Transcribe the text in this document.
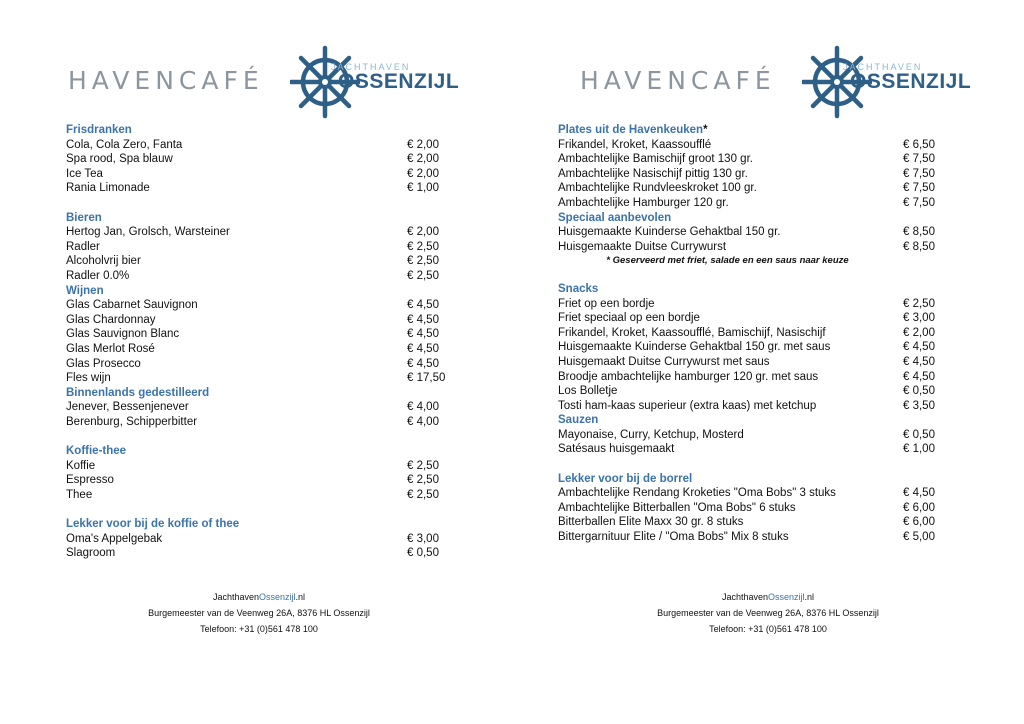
HAVENCAFÉ	JACHTHAVEN
OSSENZIJL
Frisdranken
Cola, Cola Zero, Fanta	€ 2,00
Spa rood, Spa blauw	€ 2,00
Ice Tea	€ 2,00
Rania Limonade	€ 1,00
Bieren
Hertog Jan, Grolsch, Warsteiner	€ 2,00
Radler	€ 2,50
Alcoholvrij bier	€ 2,50
Radler 0.0%	€ 2,50
Wijnen
Glas Cabarnet Sauvignon	€ 4,50
Glas Chardonnay	€ 4,50
Glas Sauvignon Blanc	€ 4,50
Glas Merlot Rosé	€ 4,50
Glas Prosecco	€ 4,50
Fles wijn	€ 17,50
Binnenlands gedestilleerd
Jenever, Bessenjenever	€ 4,00
Berenburg, Schipperbitter	€ 4,00
Koffie-thee
Koffie	€ 2,50
Espresso	€ 2,50
Thee	€ 2,50
Lekker voor bij de koffie of thee
Oma's Appelgebak	€ 3,00
Slagroom	€ 0,50
JachthavenOssenzijl.nl
Burgemeester van de Veenweg 26A, 8376 HL Ossenzijl
Telefoon: +31 (0)561 478 100
HAVENCAFÉ	JACHTHAVEN
OSSENZIJL
Plates uit de Havenkeuken*
Frikandel, Kroket, Kaassoufflé	€ 6,50
Ambachtelijke Bamischijf groot 130 gr.	€ 7,50
Ambachtelijke Nasischijf pittig 130 gr.	€ 7,50
Ambachtelijke Rundvleeskroket 100 gr.	€ 7,50
Ambachtelijke Hamburger 120 gr.	€ 7,50
Speciaal aanbevolen
Huisgemaakte Kuinderse Gehaktbal 150 gr.	€ 8,50
Huisgemaakte Duitse Currywurst	€ 8,50
* Geserveerd met friet, salade en een saus naar keuze
Snacks
Friet op een bordje	€ 2,50
Friet speciaal op een bordje	€ 3,00
Frikandel, Kroket, Kaassoufflé, Bamischijf, Nasischijf	€ 2,00
Huisgemaakte Kuinderse Gehaktbal 150 gr. met saus	€ 4,50
Huisgemaakt Duitse Currywurst met saus	€ 4,50
Broodje ambachtelijke hamburger 120 gr. met saus	€ 4,50
Los Bolletje	€ 0,50
Tosti ham-kaas superieur (extra kaas) met ketchup	€ 3,50
Sauzen
Mayonaise, Curry, Ketchup, Mosterd	€ 0,50
Satésaus huisgemaakt	€ 1,00
Lekker voor bij de borrel
Ambachtelijke Rendang Kroketies "Oma Bobs" 3 stuks	€ 4,50
Ambachtelijke Bitterballen "Oma Bobs" 6 stuks	€ 6,00
Bitterballen Elite Maxx 30 gr. 8 stuks	€ 6,00
Bittergarnituur Elite / "Oma Bobs" Mix 8 stuks	€ 5,00
JachthavenOssenzijl.nl
Burgemeester van de Veenweg 26A, 8376 HL Ossenzijl
Telefoon: +31 (0)561 478 100
